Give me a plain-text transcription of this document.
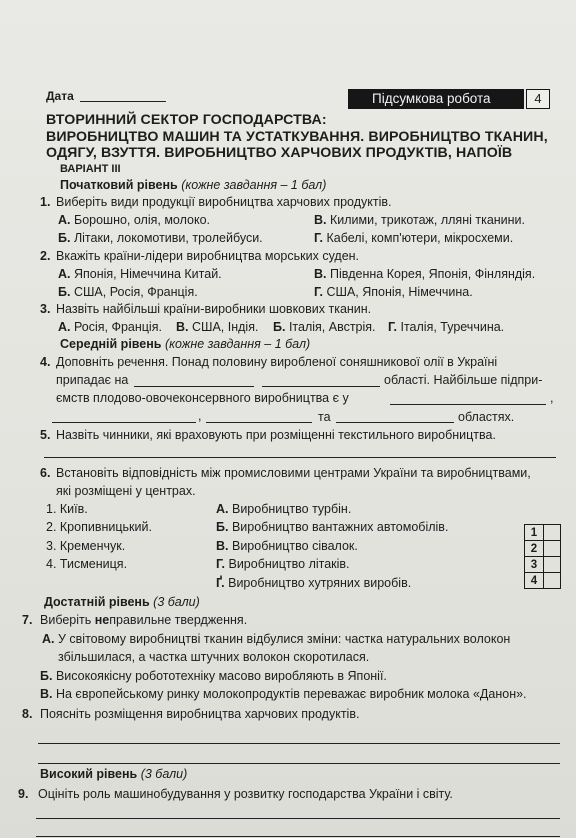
Дата	Підсумкова робота	4
ВТОРИННИЙ СЕКТОР ГОСПОДАРСТВА:
ВИРОБНИЦТВО МАШИН ТА УСТАТКУВАННЯ. ВИРОБНИЦТВО ТКАНИН,
ОДЯГУ, ВЗУТТЯ. ВИРОБНИЦТВО ХАРЧОВИХ ПРОДУКТІВ, НАПОЇВ
ВАРІАНТ ІІІ
Початковий рівень (кожне завдання – 1 бал)
1. Виберіть види продукції виробництва харчових продуктів.
А. Борошно, олія, молоко.	В. Килими, трикотаж, лляні тканини.
Б. Літаки, локомотиви, тролейбуси.	Г. Кабелі, комп'ютери, мікросхеми.
2. Вкажіть країни-лідери виробництва морських суден.
А. Японія, Німеччина Китай.	В. Південна Корея, Японія, Фінляндія.
Б. США, Росія, Франція.	Г. США, Японія, Німеччина.
3. Назвіть найбільші країни-виробники шовкових тканин.
А. Росія, Франція. В. США, Індія. Б. Італія, Австрія. Г. Італія, Туреччина.
Середній рівень (кожне завдання – 1 бал)
4. Доповніть речення. Понад половину виробленої соняшникової олії в Україні
припадає на	області. Найбільше підпри-
ємств плодово-овочеконсервного виробництва є у	,
,	та	областях.
5. Назвіть чинники, які враховують при розміщенні текстильного виробництва.
6. Встановіть відповідність між промисловими центрами України та виробництвами,
які розміщені у центрах.
1. Київ.
2. Кропивницький.
3. Кременчук.
4. Тисмениця.
А. Виробництво турбін.
Б. Виробництво вантажних автомобілів.
В. Виробництво сівалок.
Г. Виробництво літаків.
Ґ. Виробництво хутряних виробів.
1	
2	
3	
4	
Достатній рівень (3 бали)
7. Виберіть неправильне твердження.
А. У світовому виробництві тканин відбулися зміни: частка натуральних волокон
збільшилася, а частка штучних волокон скоротилася.
Б. Високоякісну робототехніку масово виробляють в Японії.
В. На європейському ринку молокопродуктів переважає виробник молока «Данон».
8. Поясніть розміщення виробництва харчових продуктів.
Високий рівень (3 бали)
9. Оцініть роль машинобудування у розвитку господарства України і світу.
